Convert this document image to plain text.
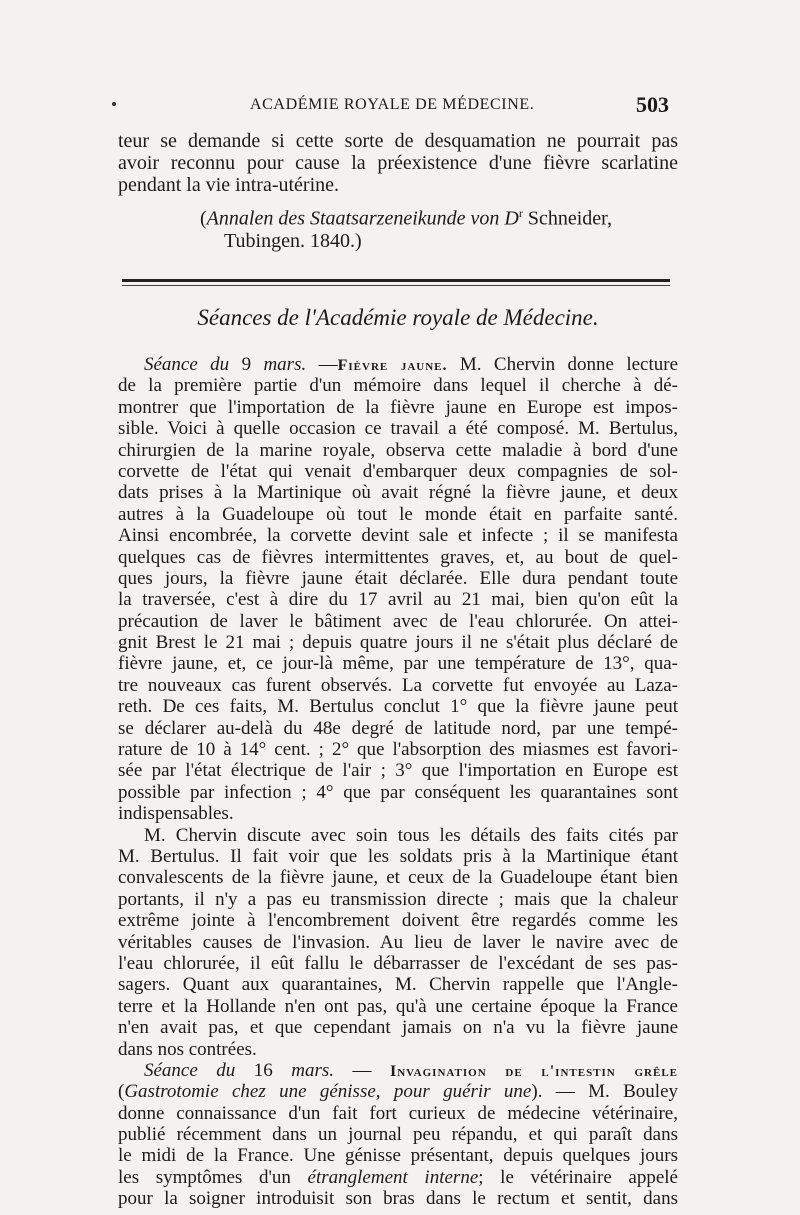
ACADÉMIE ROYALE DE MÉDECINE.	503
teur se demande si cette sorte de desquamation ne pourrait pas
avoir reconnu pour cause la préexistence d'une fièvre scarlatine
pendant la vie intra-utérine.
(Annalen des Staatsarzeneikunde von $D^r$ Schneider,
Tubingen. 1840.)
Séances de l'Académie royale de Médecine.
Séance du 9 mars. —Fièvre jaune. M. Chervin donne lecture
de la première partie d'un mémoire dans lequel il cherche à dé-
montrer que l'importation de la fièvre jaune en Europe est impos-
sible. Voici à quelle occasion ce travail a été composé. M. Bertulus,
chirurgien de la marine royale, observa cette maladie à bord d'une
corvette de l'état qui venait d'embarquer deux compagnies de sol-
dats prises à la Martinique où avait régné la fièvre jaune, et deux
autres à la Guadeloupe où tout le monde était en parfaite santé.
Ainsi encombrée, la corvette devint sale et infecte ; il se manifesta
quelques cas de fièvres intermittentes graves, et, au bout de quel-
ques jours, la fièvre jaune était déclarée. Elle dura pendant toute
la traversée, c'est à dire du 17 avril au 21 mai, bien qu'on eût la
précaution de laver le bâtiment avec de l'eau chlorurée. On attei-
gnit Brest le 21 mai ; depuis quatre jours il ne s'était plus déclaré de
fièvre jaune, et, ce jour-là même, par une température de 13°, qua-
tre nouveaux cas furent observés. La corvette fut envoyée au Laza-
reth. De ces faits, M. Bertulus conclut 1° que la fièvre jaune peut
se déclarer au-delà du 48e degré de latitude nord, par une tempé-
rature de 10 à 14° cent. ; 2° que l'absorption des miasmes est favori-
sée par l'état électrique de l'air ; 3° que l'importation en Europe est
possible par infection ; 4° que par conséquent les quarantaines sont
indispensables.
M. Chervin discute avec soin tous les détails des faits cités par
M. Bertulus. Il fait voir que les soldats pris à la Martinique étant
convalescents de la fièvre jaune, et ceux de la Guadeloupe étant bien
portants, il n'y a pas eu transmission directe ; mais que la chaleur
extrême jointe à l'encombrement doivent être regardés comme les
véritables causes de l'invasion. Au lieu de laver le navire avec de
l'eau chlorurée, il eût fallu le débarrasser de l'excédant de ses pas-
sagers. Quant aux quarantaines, M. Chervin rappelle que l'Angle-
terre et la Hollande n'en ont pas, qu'à une certaine époque la France
n'en avait pas, et que cependant jamais on n'a vu la fièvre jaune
dans nos contrées.
Séance du 16 mars. — Invagination de l'intestin grêle
(Gastrotomie chez une génisse, pour guérir une). — M. Bouley
donne connaissance d'un fait fort curieux de médecine vétérinaire,
publié récemment dans un journal peu répandu, et qui paraît dans
le midi de la France. Une génisse présentant, depuis quelques jours
les symptômes d'un étranglement interne; le vétérinaire appelé
pour la soigner introduisit son bras dans le rectum et sentit, dans
